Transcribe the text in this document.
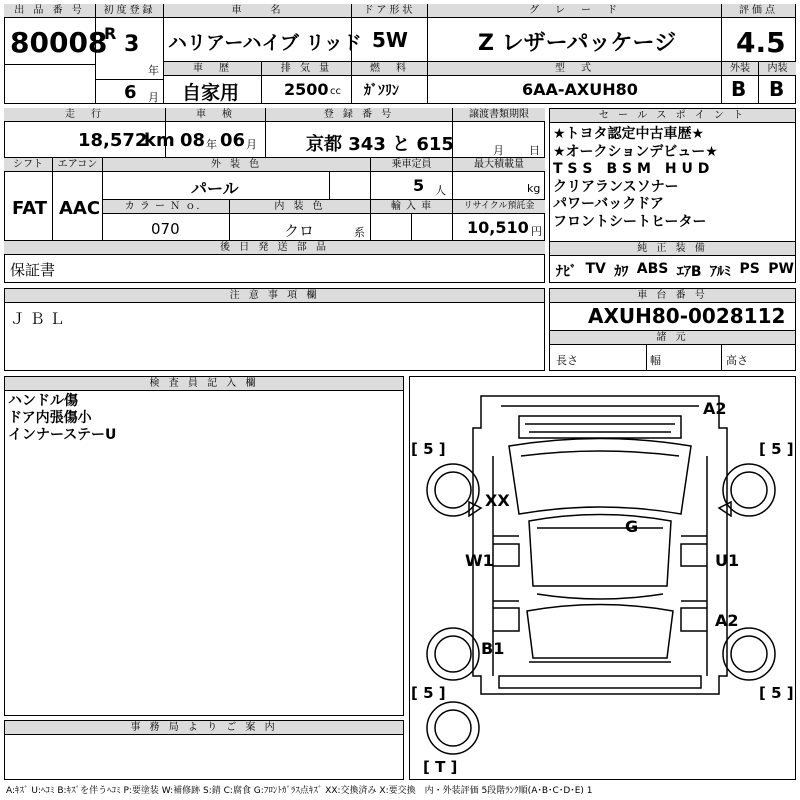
出 品 番 号
80008
初度登録
R 3
年
6 月
車　　名
ハリアーハイブ リッド
ドア形状
5W
グ　レ　ー　ド
Z レザーパッケージ
評価点
4.5
車　歴
自家用
排 気 量
2500 cc
燃　料
ｶﾞｿﾘﾝ
型　式
6AA-AXUH80
外装
B
内装
B
走　行
18,572
km
車　検
08 年 06 月
登 録 番 号
京都 343 と 615
譲渡書類期限
月 日
シフト
FAT
エアコン
AAC
外 装 色
パール
乗車定員
5 人
最大積載量
kg
カ ラ ー Ｎ ｏ．
070
内 装 色
クロ	系
輸 入 車	リサイクル預託金
10,510 円
後 日 発 送 部 品
保証書
セ ー ル ス ポ イ ン ト
★トヨタ認定中古車歴★
★オークションデビュー★
T S S　B S M　H U D
クリアランスソナー
パワーバックドア
フロントシートヒーター
純 正 装 備
ﾅﾋﾞ TV ｶﾜ ABS ｴｱB ｱﾙﾐ PS PW
注 意 事 項 欄
Ｊ Ｂ Ｌ
車 台 番 号
AXUH80-0028112
諸 元
長さ	幅	高さ
検 査 員 記 入 欄
ハンドル傷
ドア内張傷小
インナーステーU
事 務 局 よ り ご 案 内
[ 5 ]	[ 5 ]
[ 5 ]	[ 5 ]
[ T ]
A2
XX
G
W1	U1
A2
B1
A:ｷｽﾞ U:ﾍｺﾐ B:ｷｽﾞを伴うﾍｺﾐ P:要塗装 W:補修跡 S:錆 C:腐食 G:ﾌﾛﾝﾄｶﾞﾗｽ点ｷｽﾞ XX:交換済み X:要交換　内・外装評価 5段階ﾗﾝｸ順(A･B･C･D･E) 1
